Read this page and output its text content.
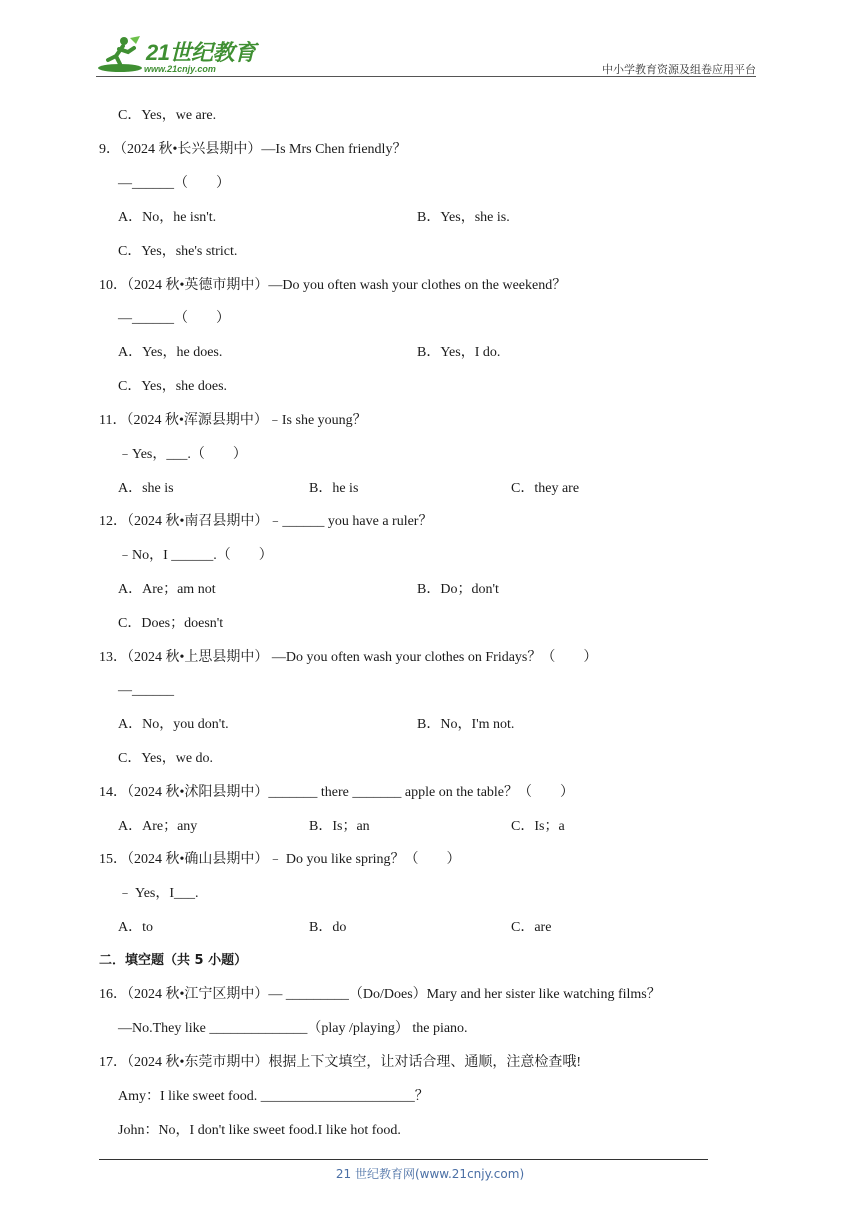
21世纪教育
www.21cnjy.com	中小学教育资源及组卷应用平台
C．Yes，we are.
9．（2024 秋•长兴县期中）—Is Mrs Chen friendly？
—______（　　）
A．No，he isn't.	B．Yes，she is.
C．Yes，she's strict.
10．（2024 秋•英德市期中）—Do you often wash your clothes on the weekend？
—______（　　）
A．Yes，he does.	B．Yes，I do.
C．Yes，she does.
11．（2024 秋•浑源县期中）﹣Is she young？
﹣Yes，___.（　　）
A．she is	B．he is	C．they are
12．（2024 秋•南召县期中）﹣______ you have a ruler？
﹣No，I ______.（　　）
A．Are；am not	B．Do；don't
C．Does；doesn't
13．（2024 秋•上思县期中） —Do you often wash your clothes on Fridays？（　　）
—______
A．No，you don't.	B．No，I'm not.
C．Yes，we do.
14．（2024 秋•沭阳县期中）_______ there _______ apple on the table？（　　）
A．Are；any	B．Is；an	C．Is；a
15．（2024 秋•确山县期中）﹣ Do you like spring？（　　）
﹣ Yes，I___.
A．to	B．do	C．are
二．填空题（共 5 小题）
16．（2024 秋•江宁区期中）— _________（Do/Does）Mary and her sister like watching films？
—No.They like ______________（play /playing） the piano.
17．（2024 秋•东莞市期中）根据上下文填空，让对话合理、通顺，注意检查哦!
Amy：I like sweet food. ______________________？
John：No，I don't like sweet food.I like hot food.
21 世纪教育网(www.21cnjy.com)
